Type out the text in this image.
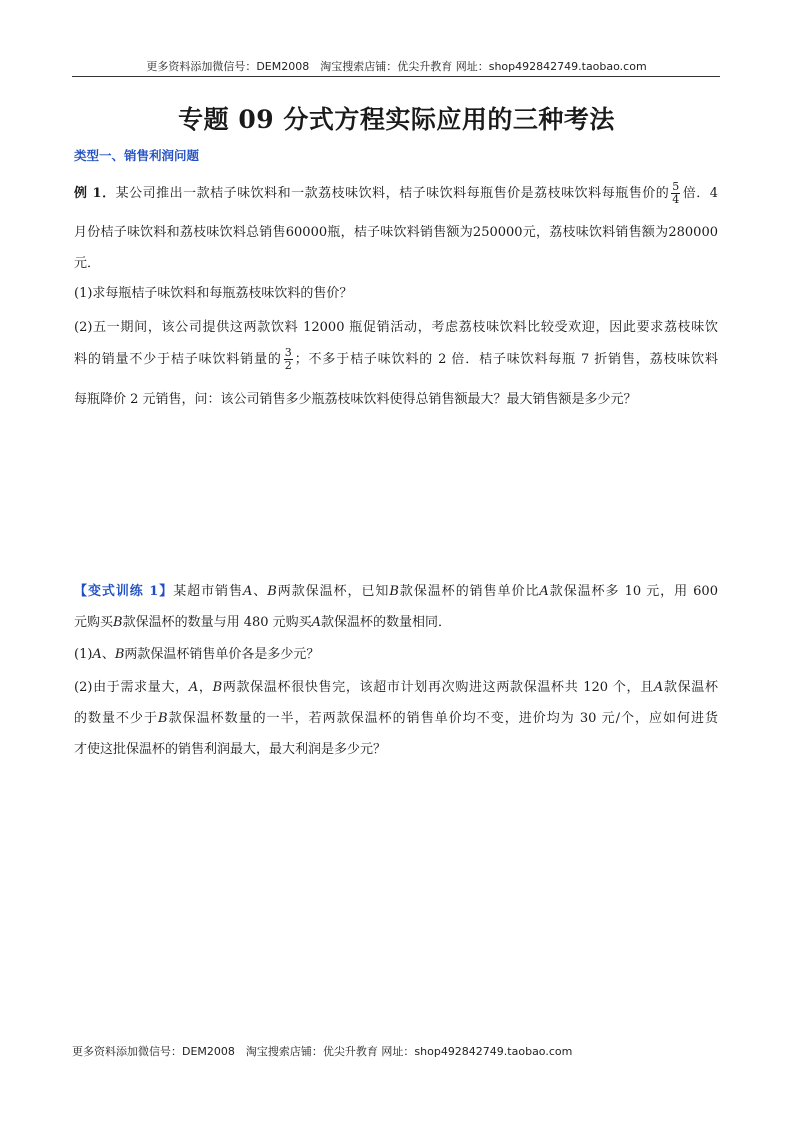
更多资料添加微信号：DEM2008　淘宝搜索店铺：优尖升教育 网址：shop492842749.taobao.com
专题 09 分式方程实际应用的三种考法
类型一、销售利润问题
例 1．某公司推出一款桔子味饮料和一款荔枝味饮料，桔子味饮料每瓶售价是荔枝味饮料每瓶售价的 $\frac{5}{4}$ 倍．4
月份桔子味饮料和荔枝味饮料总销售60000瓶，桔子味饮料销售额为250000元，荔枝味饮料销售额为280000
元．
(1)求每瓶桔子味饮料和每瓶荔枝味饮料的售价？
(2)五一期间，该公司提供这两款饮料 12000 瓶促销活动，考虑荔枝味饮料比较受欢迎，因此要求荔枝味饮
料的销量不少于桔子味饮料销量的 $\frac{3}{2}$ ；不多于桔子味饮料的 2 倍．桔子味饮料每瓶 7 折销售，荔枝味饮料
每瓶降价 2 元销售，问：该公司销售多少瓶荔枝味饮料使得总销售额最大？最大销售额是多少元？
【变式训练 1】某超市销售A、B两款保温杯，已知B款保温杯的销售单价比A款保温杯多 10 元，用 600
元购买B款保温杯的数量与用 480 元购买A款保温杯的数量相同．
(1)A、B两款保温杯销售单价各是多少元？
(2)由于需求量大，A，B两款保温杯很快售完，该超市计划再次购进这两款保温杯共 120 个，且A款保温杯
的数量不少于B款保温杯数量的一半，若两款保温杯的销售单价均不变，进价均为 30 元/个，应如何进货
才使这批保温杯的销售利润最大，最大利润是多少元？
更多资料添加微信号：DEM2008　淘宝搜索店铺：优尖升教育 网址：shop492842749.taobao.com
